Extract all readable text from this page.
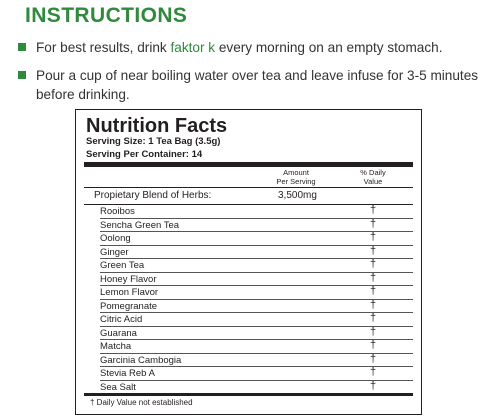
INSTRUCTIONS
For best results, drink faktor k every morning on an empty stomach.
Pour a cup of near boiling water over tea and leave infuse for 3-5 minutes before drinking.
Nutrition Facts
Serving Size: 1 Tea Bag (3.5g)
Serving Per Container: 14
Amount
Per Serving
% Daily
Value
Propietary Blend of Herbs:	3,500mg
Rooibos	†
Sencha Green Tea	†
Oolong	†
Ginger	†
Green Tea	†
Honey Flavor	†
Lemon Flavor	†
Pomegranate	†
Citric Acid	†
Guarana	†
Matcha	†
Garcinia Cambogia	†
Stevia Reb A	†
Sea Salt	†
† Daily Value not established
